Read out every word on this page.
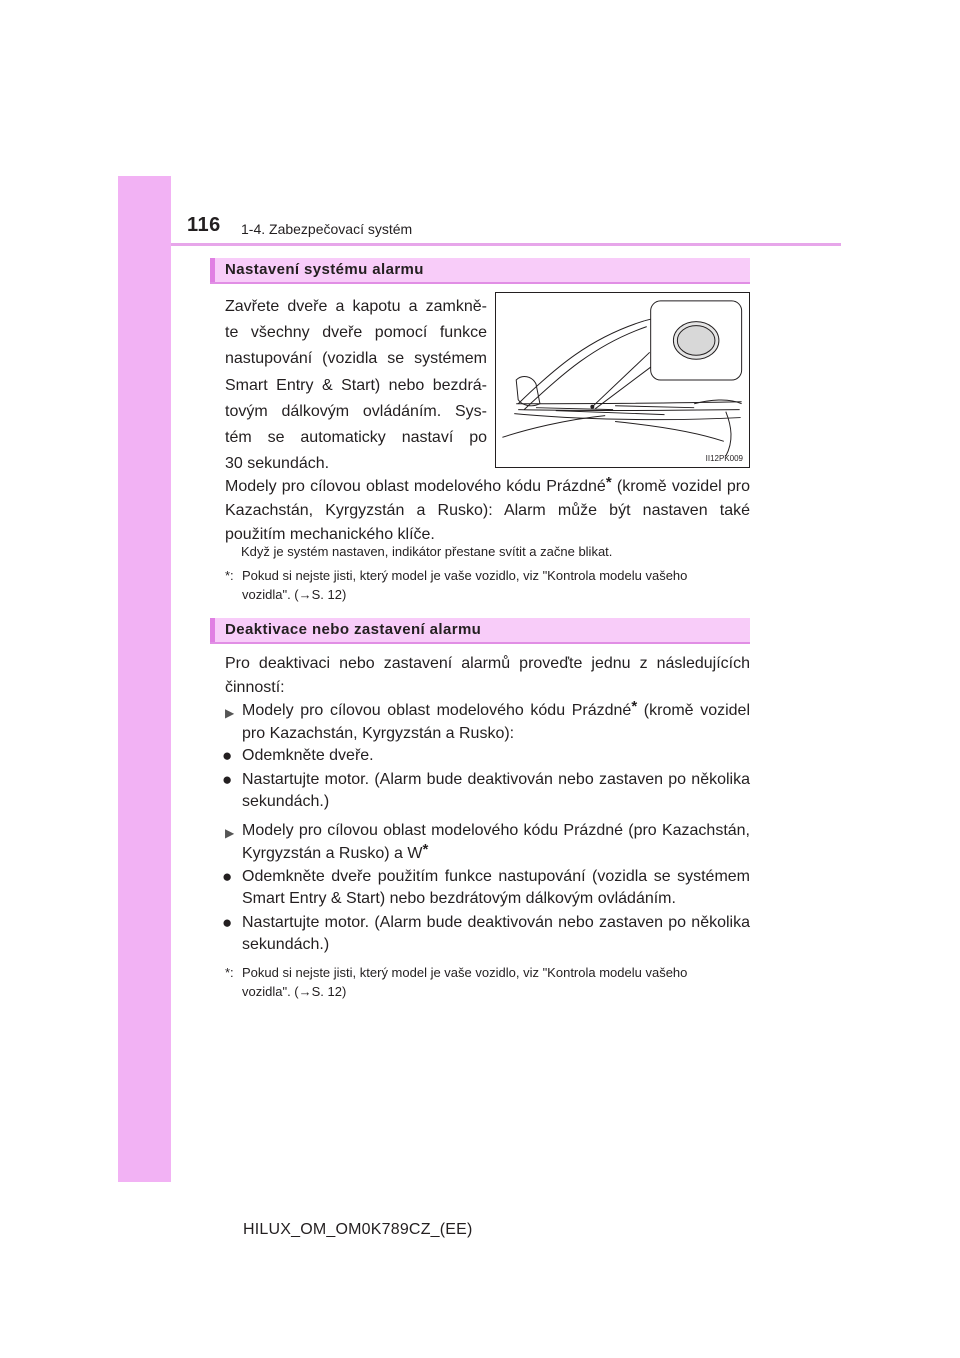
116 1-4. Zabezpečovací systém
Nastavení systému alarmu
Zavřete dveře a kapotu a zamkně-
te všechny dveře pomocí funkce
nastupování (vozidla se systémem
Smart Entry & Start) nebo bezdrá-
tovým dálkovým ovládáním. Sys-
tém se automaticky nastaví po
30 sekundách.	II12PK009
Modely pro cílovou oblast modelového kódu Prázdné* (kromě vozidel pro Kazachstán, Kyrgyzstán a Rusko): Alarm může být nastaven také použitím mechanického klíče.
Když je systém nastaven, indikátor přestane svítit a začne blikat.
*: Pokud si nejste jisti, který model je vaše vozidlo, viz "Kontrola modelu vašeho
vozidla". (→S. 12)
Deaktivace nebo zastavení alarmu
Pro deaktivaci nebo zastavení alarmů proveďte jednu z následujících činností:
▶ Modely pro cílovou oblast modelového kódu Prázdné* (kromě vozidel pro Kazachstán, Kyrgyzstán a Rusko):
● Odemkněte dveře.
● Nastartujte motor. (Alarm bude deaktivován nebo zastaven po několika sekundách.)
▶ Modely pro cílovou oblast modelového kódu Prázdné (pro Kazachstán, Kyrgyzstán a Rusko) a W*
● Odemkněte dveře použitím funkce nastupování (vozidla se systémem Smart Entry & Start) nebo bezdrátovým dálkovým ovládáním.
● Nastartujte motor. (Alarm bude deaktivován nebo zastaven po několika sekundách.)
*: Pokud si nejste jisti, který model je vaše vozidlo, viz "Kontrola modelu vašeho
vozidla". (→S. 12)
HILUX_OM_OM0K789CZ_(EE)
